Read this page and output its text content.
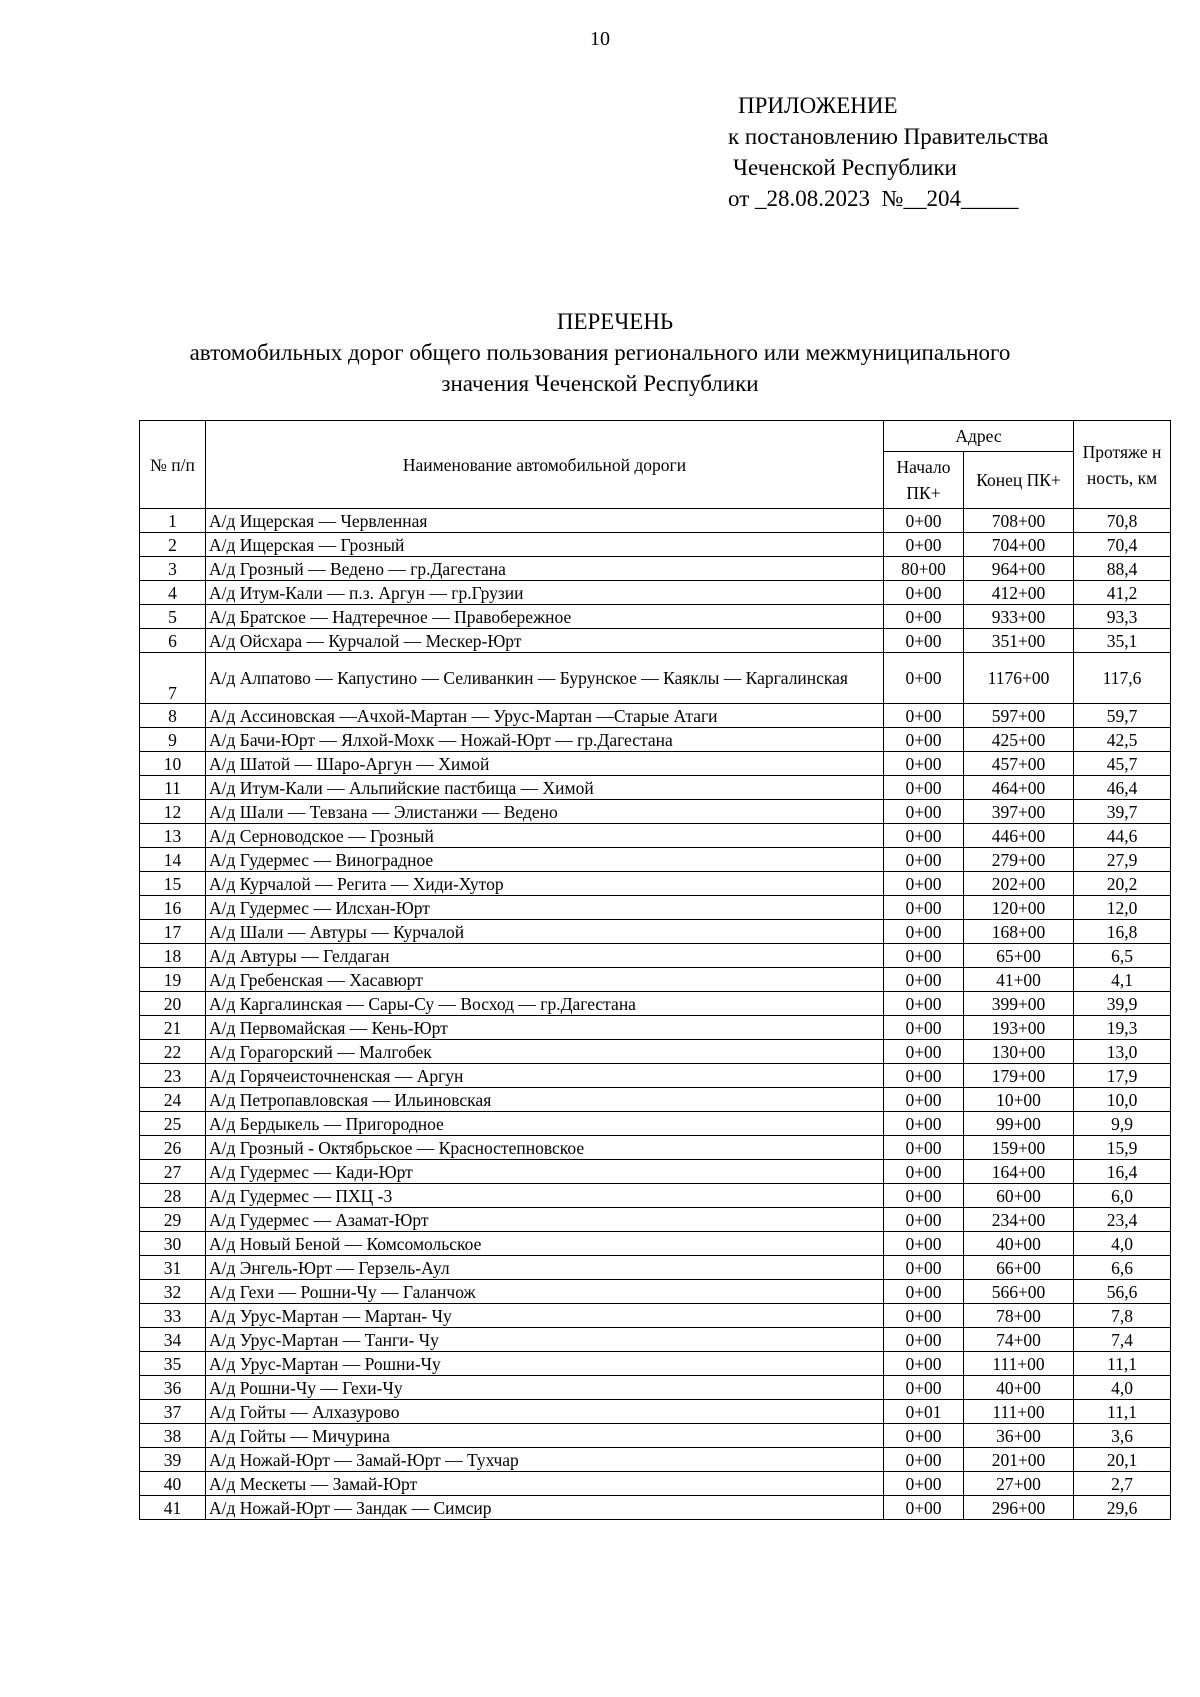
10
ПРИЛОЖЕНИЕ
к постановлению Правительства
Чеченской Республики
от _28.08.2023  №__204_____
ПЕРЕЧЕНЬ
автомобильных дорог общего пользования регионального или межмуниципального
значения Чеченской Республики
№ п/п	Наименование автомобильной дороги	Адрес		Протяже н ность, км
		Начало ПК+	Конец ПК+	
1	А/д Ищерская — Червленная	0+00	708+00	70,8
2	А/д Ищерская — Грозный	0+00	704+00	70,4
3	А/д Грозный — Ведено — гр.Дагестана	80+00	964+00	88,4
4	А/д Итум-Кали — п.з. Аргун — гр.Грузии	0+00	412+00	41,2
5	А/д Братское — Надтеречное — Правобережное	0+00	933+00	93,3
6	А/д Ойсхара — Курчалой — Мескер-Юрт	0+00	351+00	35,1
7	А/д Алпатово — Капустино — Селиванкин — Бурунское — Каяклы — Каргалинская	0+00	1176+00	117,6
8	А/д Ассиновская —Ачхой-Мартан — Урус-Мартан —Старые Атаги	0+00	597+00	59,7
9	А/д Бачи-Юрт — Ялхой-Мохк — Ножай-Юрт — гр.Дагестана	0+00	425+00	42,5
10	А/д Шатой — Шаро-Аргун — Химой	0+00	457+00	45,7
11	А/д Итум-Кали — Альпийские пастбища — Химой	0+00	464+00	46,4
12	А/д Шали — Тевзана — Элистанжи — Ведено	0+00	397+00	39,7
13	А/д Серноводское — Грозный	0+00	446+00	44,6
14	А/д Гудермес — Виноградное	0+00	279+00	27,9
15	А/д Курчалой — Регита — Хиди-Хутор	0+00	202+00	20,2
16	А/д Гудермес — Илсхан-Юрт	0+00	120+00	12,0
17	А/д Шали — Автуры — Курчалой	0+00	168+00	16,8
18	А/д Автуры — Гелдаган	0+00	65+00	6,5
19	А/д Гребенская — Хасавюрт	0+00	41+00	4,1
20	А/д Каргалинская — Сары-Су — Восход — гр.Дагестана	0+00	399+00	39,9
21	А/д Первомайская — Кень-Юрт	0+00	193+00	19,3
22	А/д Горагорский — Малгобек	0+00	130+00	13,0
23	А/д Горячеисточненская — Аргун	0+00	179+00	17,9
24	А/д Петропавловская — Ильиновская	0+00	10+00	10,0
25	А/д Бердыкель — Пригородное	0+00	99+00	9,9
26	А/д Грозный - Октябрьское — Красностепновское	0+00	159+00	15,9
27	А/д Гудермес — Кади-Юрт	0+00	164+00	16,4
28	А/д Гудермес — ПХЦ -3	0+00	60+00	6,0
29	А/д Гудермес — Азамат-Юрт	0+00	234+00	23,4
30	А/д Новый Беной — Комсомольское	0+00	40+00	4,0
31	А/д Энгель-Юрт — Герзель-Аул	0+00	66+00	6,6
32	А/д Гехи — Рошни-Чу — Галанчож	0+00	566+00	56,6
33	А/д Урус-Мартан — Мартан- Чу	0+00	78+00	7,8
34	А/д Урус-Мартан — Танги- Чу	0+00	74+00	7,4
35	А/д Урус-Мартан — Рошни-Чу	0+00	111+00	11,1
36	А/д Рошни-Чу — Гехи-Чу	0+00	40+00	4,0
37	А/д Гойты — Алхазурово	0+01	111+00	11,1
38	А/д Гойты — Мичурина	0+00	36+00	3,6
39	А/д Ножай-Юрт — Замай-Юрт — Тухчар	0+00	201+00	20,1
40	А/д Мескеты — Замай-Юрт	0+00	27+00	2,7
41	А/д Ножай-Юрт — Зандак — Симсир	0+00	296+00	29,6
